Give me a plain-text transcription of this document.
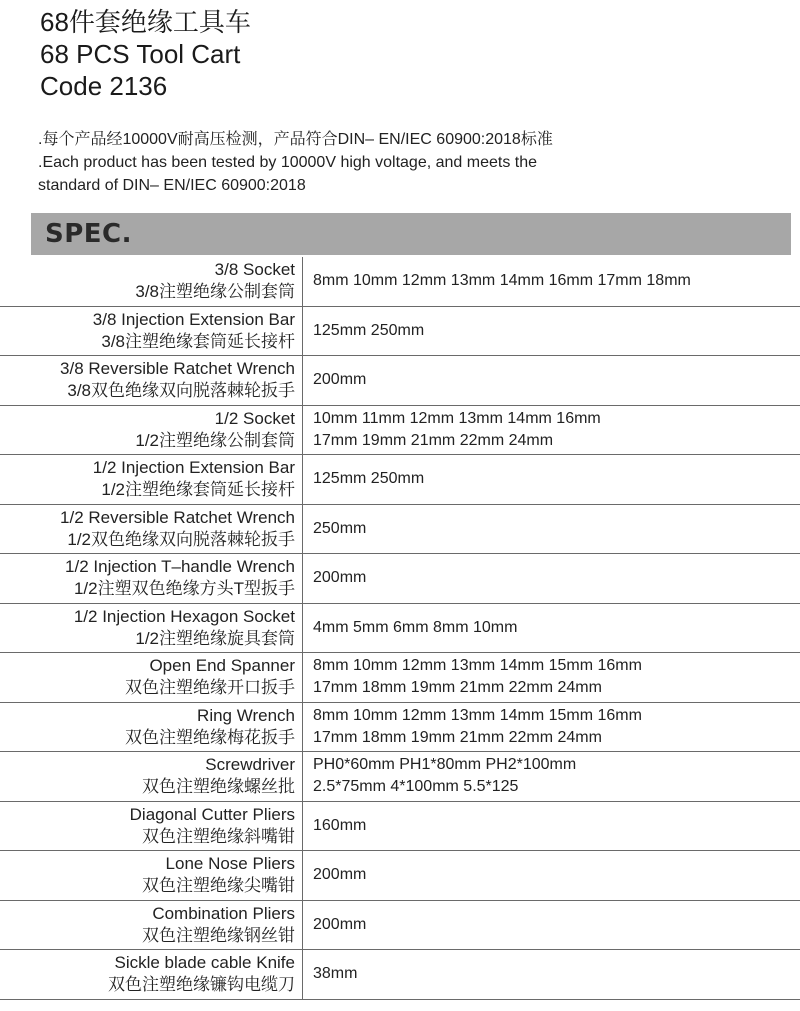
68件套绝缘工具车
68 PCS Tool Cart
Code 2136
.每个产品经10000V耐高压检测，产品符合DIN– EN/IEC 60900:2018标准
.Each product has been tested by 10000V high voltage, and meets the
standard of DIN– EN/IEC 60900:2018
SPEC.
3/8 Socket
3/8注塑绝缘公制套筒
8mm 10mm 12mm 13mm 14mm 16mm 17mm 18mm
3/8 Injection Extension Bar
3/8注塑绝缘套筒延长接杆
125mm 250mm
3/8 Reversible Ratchet Wrench
3/8双色绝缘双向脱落棘轮扳手
200mm
1/2 Socket
1/2注塑绝缘公制套筒
10mm 11mm 12mm 13mm 14mm 16mm
17mm 19mm 21mm 22mm 24mm
1/2 Injection Extension Bar
1/2注塑绝缘套筒延长接杆
125mm 250mm
1/2 Reversible Ratchet Wrench
1/2双色绝缘双向脱落棘轮扳手
250mm
1/2 Injection T–handle Wrench
1/2注塑双色绝缘方头T型扳手
200mm
1/2 Injection Hexagon Socket
1/2注塑绝缘旋具套筒
4mm 5mm 6mm 8mm 10mm
Open End Spanner
双色注塑绝缘开口扳手
8mm 10mm 12mm 13mm 14mm 15mm 16mm
17mm 18mm 19mm 21mm 22mm 24mm
Ring Wrench
双色注塑绝缘梅花扳手
8mm 10mm 12mm 13mm 14mm 15mm 16mm
17mm 18mm 19mm 21mm 22mm 24mm
Screwdriver
双色注塑绝缘螺丝批
PH0*60mm PH1*80mm PH2*100mm
2.5*75mm 4*100mm 5.5*125
Diagonal Cutter Pliers
双色注塑绝缘斜嘴钳
160mm
Lone Nose Pliers
双色注塑绝缘尖嘴钳
200mm
Combination Pliers
双色注塑绝缘钢丝钳
200mm
Sickle blade cable Knife
双色注塑绝缘镰钩电缆刀
38mm
